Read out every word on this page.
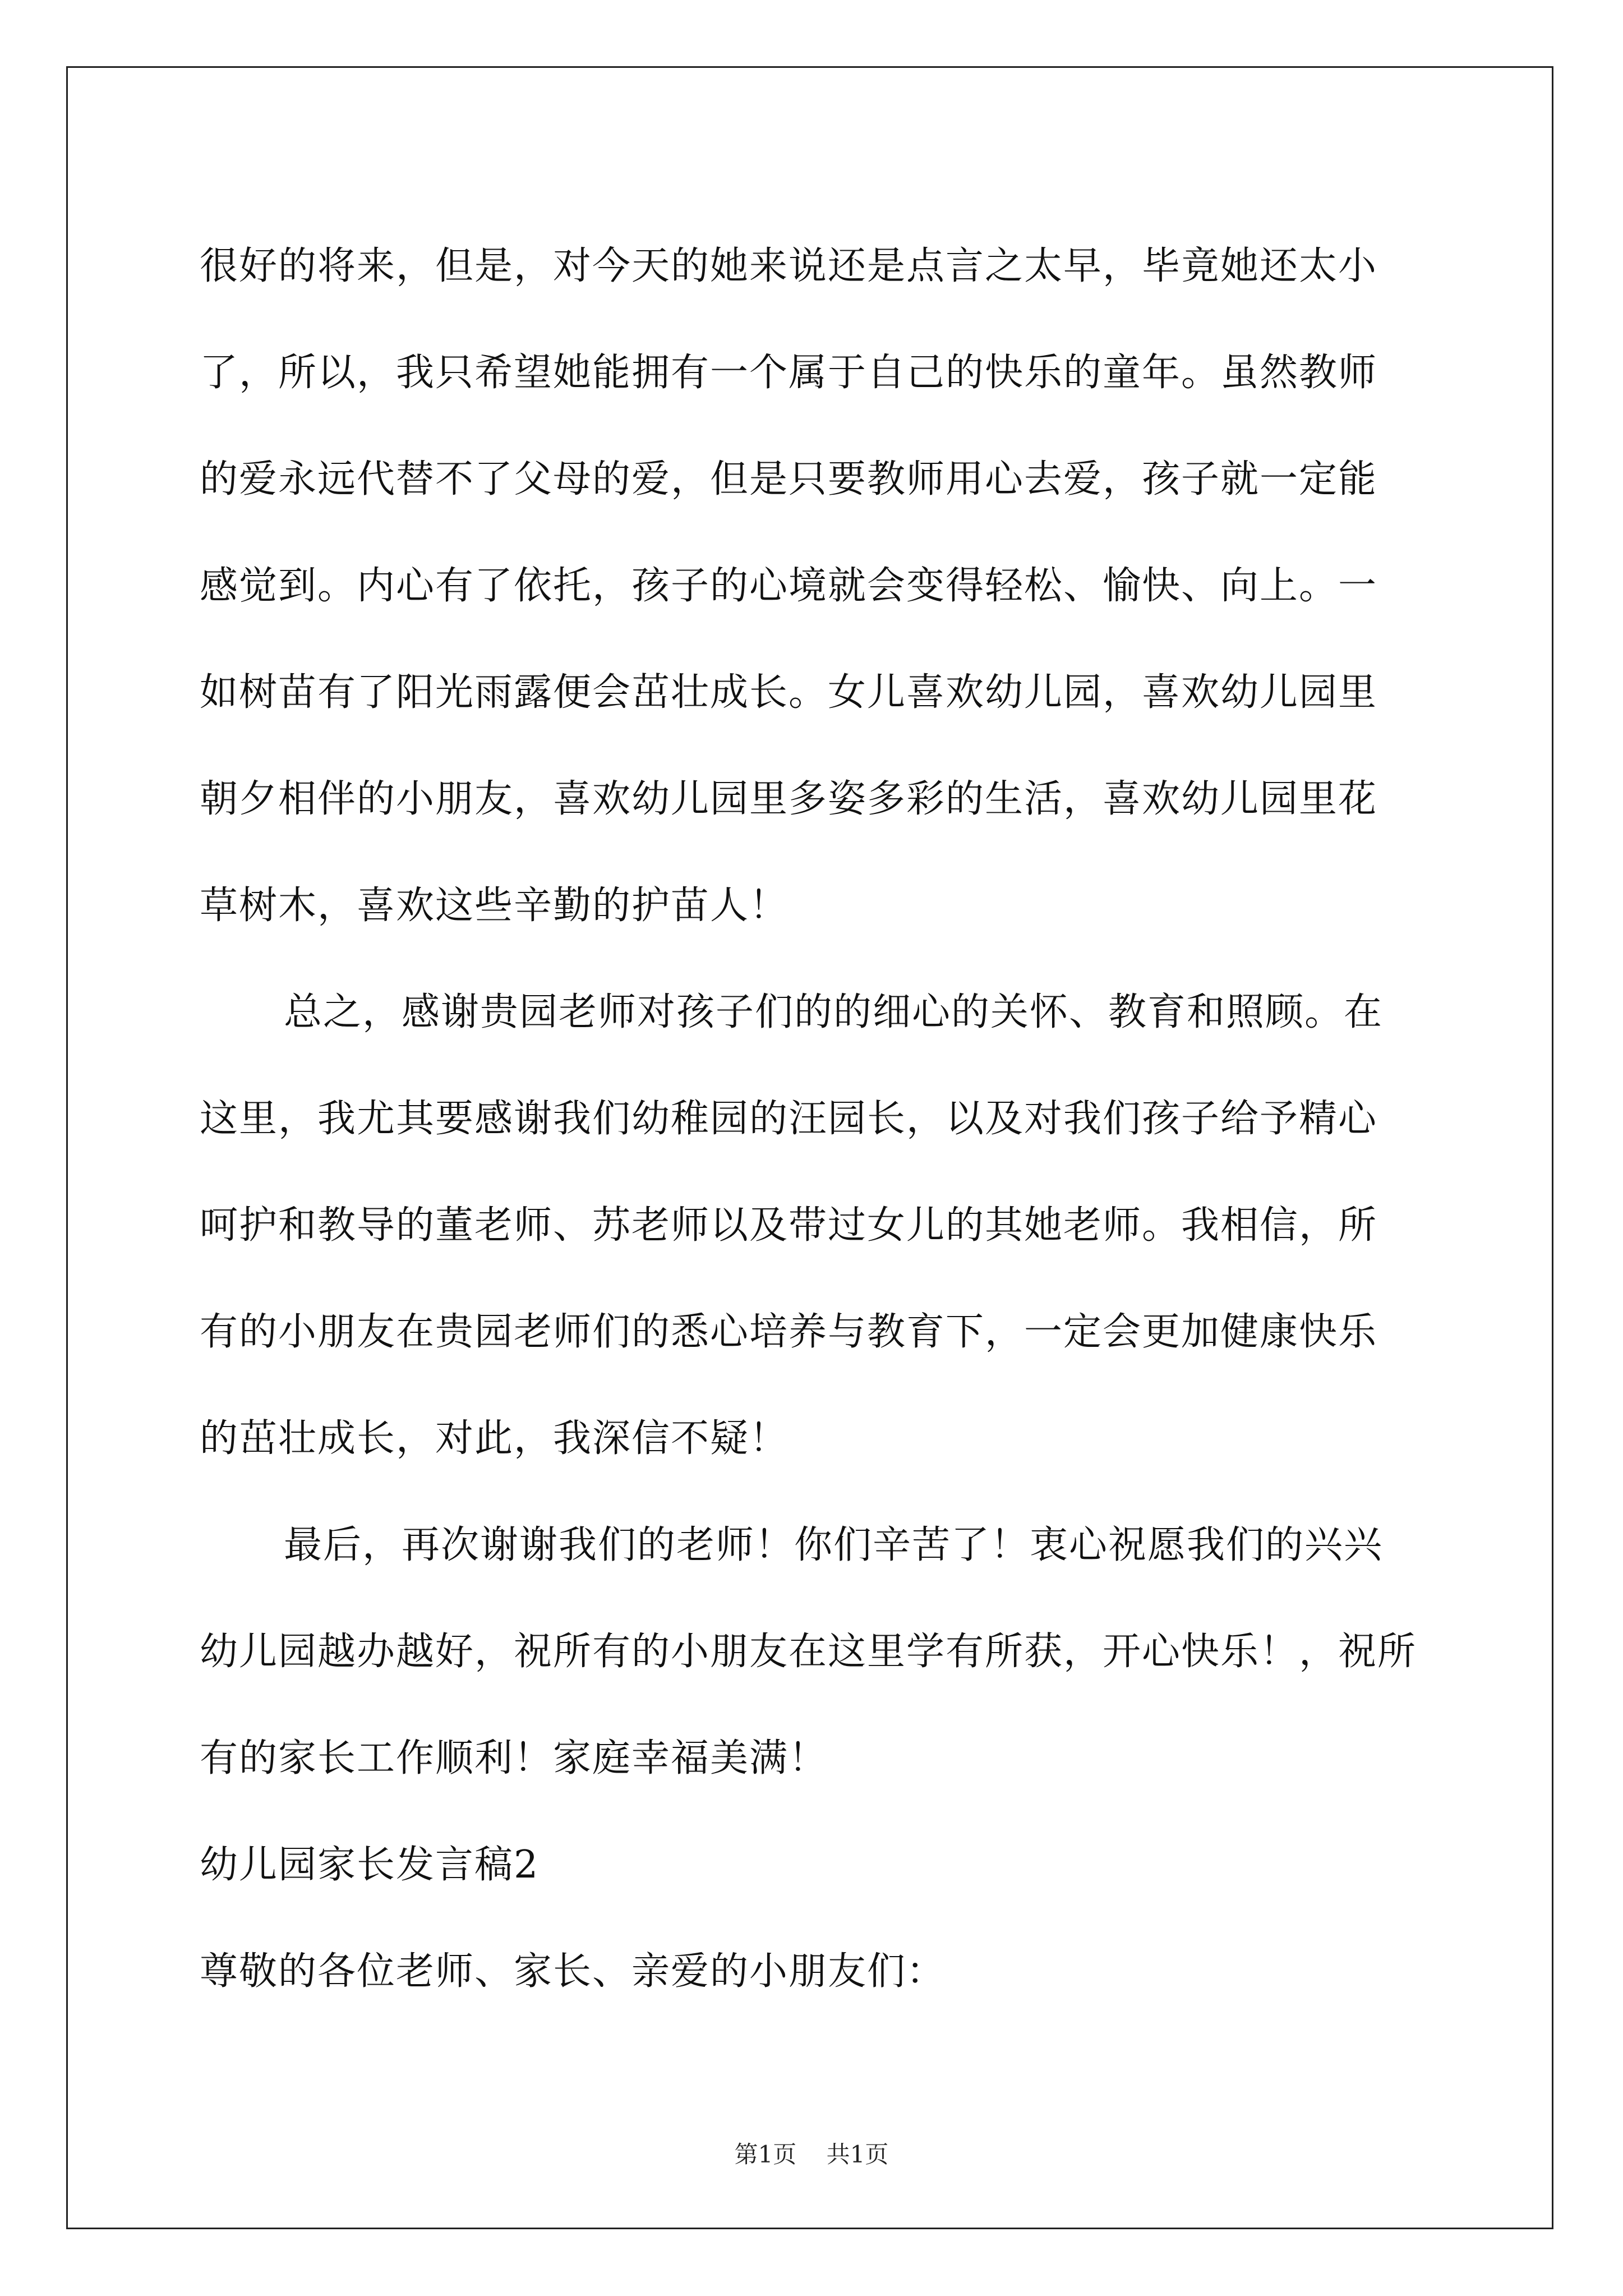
很好的将来，但是，对今天的她来说还是点言之太早，毕竟她还太小
了，所以，我只希望她能拥有一个属于自己的快乐的童年。虽然教师
的爱永远代替不了父母的爱，但是只要教师用心去爱，孩子就一定能
感觉到。内心有了依托，孩子的心境就会变得轻松、愉快、向上。一
如树苗有了阳光雨露便会茁壮成长。女儿喜欢幼儿园，喜欢幼儿园里
朝夕相伴的小朋友，喜欢幼儿园里多姿多彩的生活，喜欢幼儿园里花
草树木，喜欢这些辛勤的护苗人！
总之，感谢贵园老师对孩子们的的细心的关怀、教育和照顾。在
这里，我尤其要感谢我们幼稚园的汪园长，以及对我们孩子给予精心
呵护和教导的董老师、苏老师以及带过女儿的其她老师。我相信，所
有的小朋友在贵园老师们的悉心培养与教育下，一定会更加健康快乐
的茁壮成长，对此，我深信不疑！
最后，再次谢谢我们的老师！你们辛苦了！衷心祝愿我们的兴兴
幼儿园越办越好，祝所有的小朋友在这里学有所获，开心快乐！，祝所
有的家长工作顺利！家庭幸福美满！
幼儿园家长发言稿2
尊敬的各位老师、家长、亲爱的小朋友们：
第1页 共1页
